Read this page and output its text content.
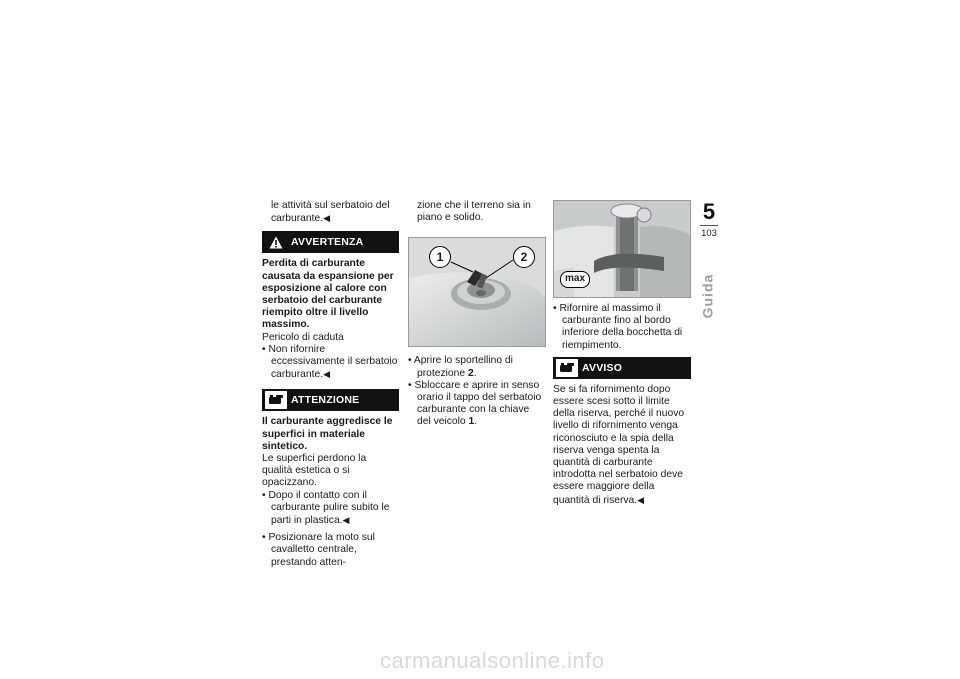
le attività sul serbatoio del
carburante.◀

AVVERTENZA

Perdita di carburante causata da espansione per esposizione al calore con serbatoio del carburante riempito oltre il livello massimo.

Pericolo di caduta

• Non rifornire eccessivamente il serbatoio carburante.◀

ATTENZIONE

Il carburante aggredisce le superfici in materiale sintetico.

Le superfici perdono la qualità estetica o si opacizzano.

• Dopo il contatto con il carburante pulire subito le parti in plastica.◀

• Posizionare la moto sul cavalletto centrale, prestando atten-

zione che il terreno sia in piano e solido.

1	2

• Aprire lo sportellino di protezione 2.

• Sbloccare e aprire in senso orario il tappo del serbatoio carburante con la chiave del veicolo 1.

max

• Rifornire al massimo il carburante fino al bordo inferiore della bocchetta di riempimento.

AVVISO

Se si fa rifornimento dopo essere scesi sotto il limite della riserva, perché il nuovo livello di rifornimento venga riconosciuto e la spia della riserva venga spenta la quantità di carburante introdotta nel serbatoio deve essere maggiore della quantità di riserva.◀

5
103
Guida
carmanualsonline.info
